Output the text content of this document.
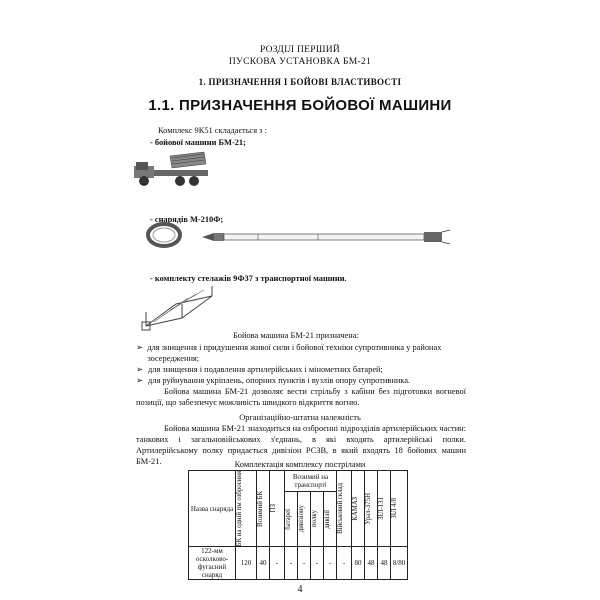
РОЗДІЛ ПЕРШИЙ
ПУСКОВА УСТАНОВКА БМ-21
1. ПРИЗНАЧЕННЯ І БОЙОВІ ВЛАСТИВОСТІ
1.1. ПРИЗНАЧЕННЯ БОЙОВОЇ МАШИНИ
Комплекс 9К51 складається з :
- бойової машини БМ-21;
- снарядів М-210Ф;
- комплекту стелажів 9Ф37 з транспортної машини.
Бойова машина БМ-21 призначена:
➢ для знищення і придушення живої сили і бойової техніки супротивника у районах зосередження;
➢ для знищення і подавлення артилерійських і мінометних батарей;
➢ для руйнування укріплень, опорних пунктів і вузлів опору супротивника.
Бойова машина БМ-21 дозволяє вести стрільбу з кабіни без підготовки вогневої позиції, що забезпечує можливість швидкого відкриття вогню.
Організаційно-штатна належність
Бойова машина БМ-21 знаходиться на озброєнні підрозділів артилерійських частин: танкових і загальновійськових з'єднань, в які входять артилерійські полки. Артилерійському полку придається дивізіон РСЗВ, в який входять 18 бойових машин БМ-21.	Комплектація комплексу пострілами
Назва снаряда	БК на одній пм озброєння	Возимий БК	ПЗ	Возимий на транспорті				Військовий склад	КАМАЗ	Урал-375Н	ЗІЛ-131	ЗІЛ 4/8

				батареї	дивізіону	полку	дивізії					

122-мм осколково-фугасний снаряд	120	40	-	-	-	-	-	-	80	48	48	8/80
4
